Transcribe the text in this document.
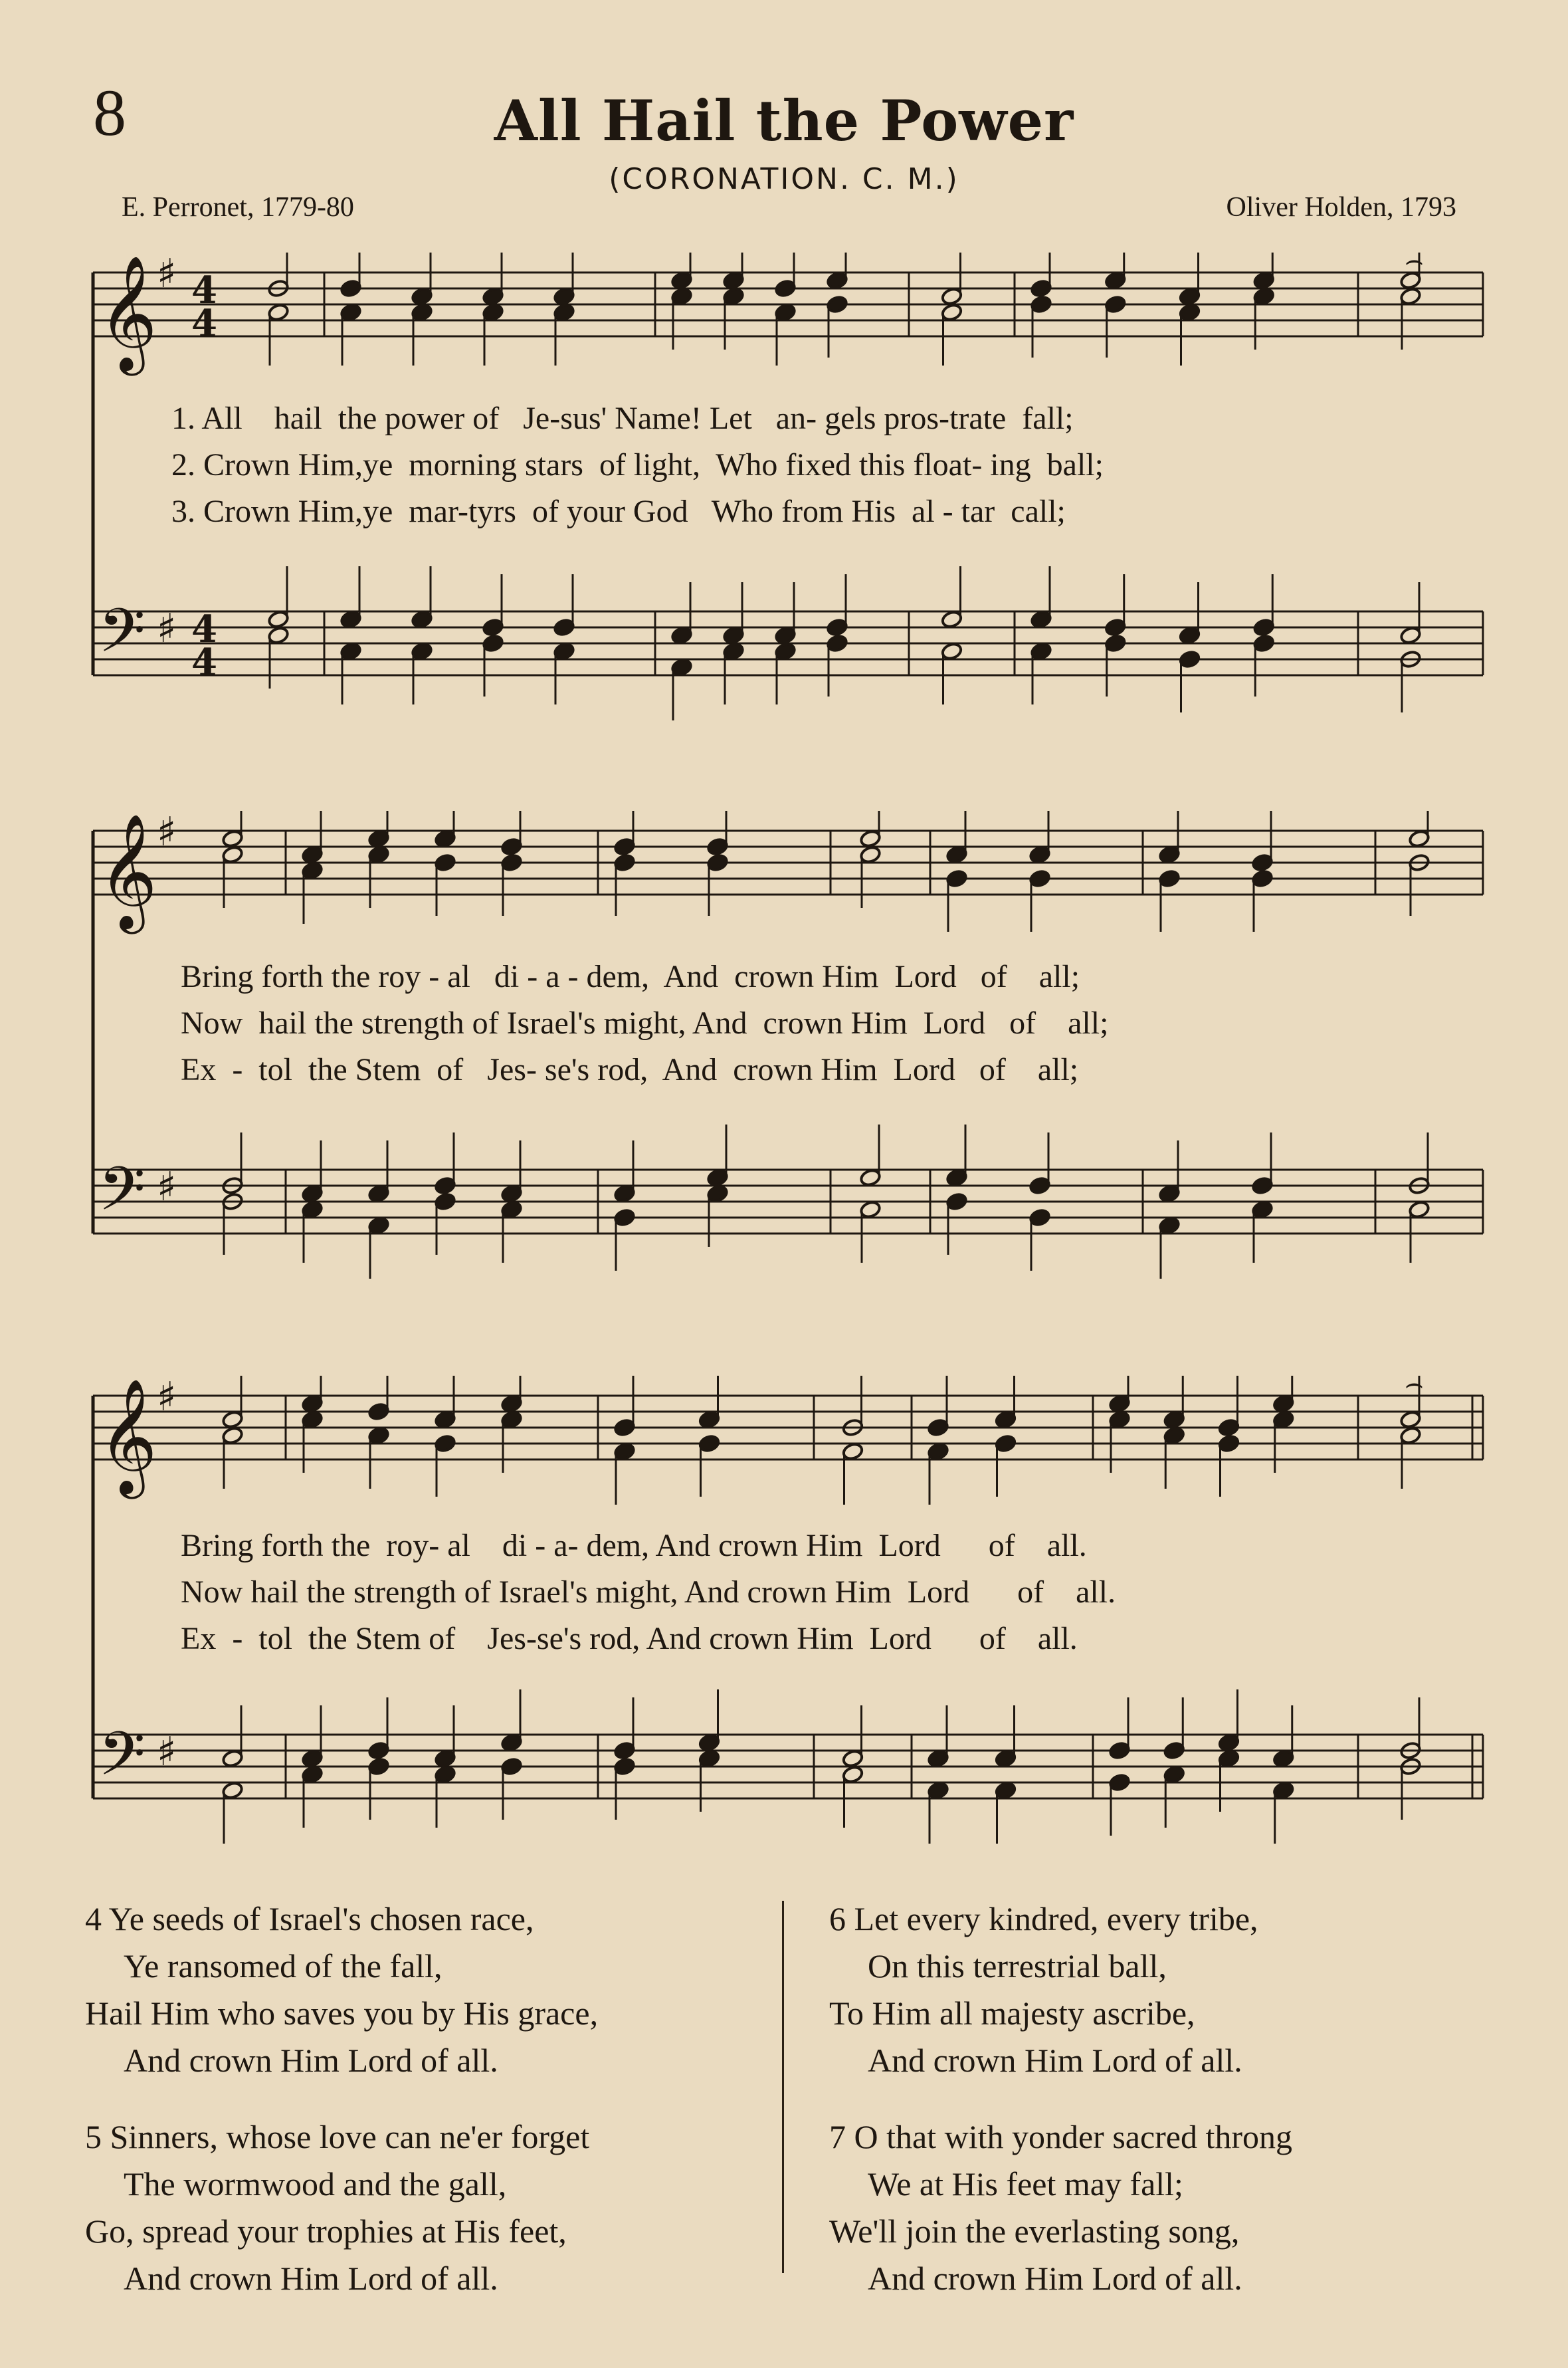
8	All Hail the Power
(CORONATION. C. M.)
E. Perronet, 1779-80	Oliver Holden, 1793
𝄞
𝄢
♯
♯
4
4
4
4
⌢
𝄞
𝄢
♯
♯
𝄞
𝄢
♯
♯
⌢
1. All    hail  the power of   Je-sus' Name! Let   an- gels pros-trate  fall;
2. Crown Him,ye  morning stars  of light,  Who fixed this float- ing  ball;
3. Crown Him,ye  mar-tyrs  of your God   Who from His  al - tar  call;
Bring forth the roy - al   di - a - dem,  And  crown Him  Lord   of    all;
Now  hail the strength of Israel's might, And  crown Him  Lord   of    all;
Ex  -  tol  the Stem  of   Jes- se's rod,  And  crown Him  Lord   of    all;
Bring forth the  roy- al    di - a- dem, And crown Him  Lord      of    all.
Now hail the strength of Israel's might, And crown Him  Lord      of    all.
Ex  -  tol  the Stem of    Jes-se's rod, And crown Him  Lord      of    all.
4 Ye seeds of Israel's chosen race,
Ye ransomed of the fall,
Hail Him who saves you by His grace,
And crown Him Lord of all.
5 Sinners, whose love can ne'er forget
The wormwood and the gall,
Go, spread your trophies at His feet,
And crown Him Lord of all.
6 Let every kindred, every tribe,
On this terrestrial ball,
To Him all majesty ascribe,
And crown Him Lord of all.
7 O that with yonder sacred throng
We at His feet may fall;
We'll join the everlasting song,
And crown Him Lord of all.
